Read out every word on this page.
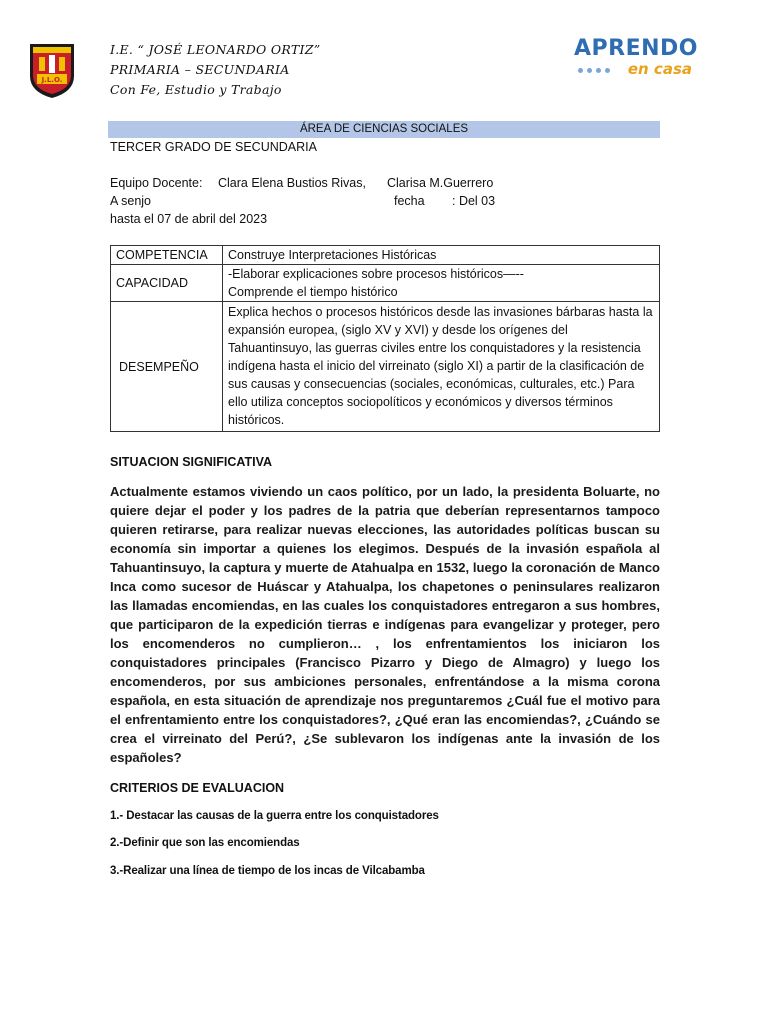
J.L.O.
I.E. “ JOSÉ LEONARDO ORTIZ”
PRIMARIA – SECUNDARIA
Con Fe, Estudio y Trabajo
APRENDO
en casa
ÁREA DE CIENCIAS SOCIALES
TERCER GRADO DE SECUNDARIA
Equipo Docente: Clara Elena Bustios Rivas, Clarisa M.Guerrero
A senjo	fecha : Del 03
hasta el 07 de abril del 2023
COMPETENCIA	Construye Interpretaciones Históricas
CAPACIDAD	-Elaborar explicaciones sobre procesos históricos—--
Comprende el tiempo histórico

DESEMPEÑO	Explica hechos o procesos históricos desde las invasiones bárbaras hasta la expansión europea, (siglo XV y XVI) y desde los orígenes del Tahuantinsuyo, las guerras civiles entre los conquistadores y la resistencia indígena hasta el inicio del virreinato (siglo XI) a partir de la clasificación de sus causas y consecuencias (sociales, económicas, culturales, etc.) Para ello utiliza conceptos sociopolíticos y económicos y diversos términos históricos.
SITUACION SIGNIFICATIVA
Actualmente estamos viviendo un caos político, por un lado, la presidenta Boluarte, no quiere dejar el poder y los padres de la patria que deberían representarnos tampoco quieren retirarse, para realizar nuevas elecciones, las autoridades políticas buscan su economía sin importar a quienes los elegimos. Después de la invasión española al Tahuantinsuyo, la captura y muerte de Atahualpa en 1532, luego la coronación de Manco Inca como sucesor de Huáscar y Atahualpa, los chapetones o peninsulares realizaron las llamadas encomiendas, en las cuales los conquistadores entregaron a sus hombres, que participaron de la expedición tierras e indígenas para evangelizar y proteger, pero los encomenderos no cumplieron… , los enfrentamientos los iniciaron los conquistadores principales (Francisco Pizarro y Diego de Almagro) y luego los encomenderos, por sus ambiciones personales, enfrentándose a la misma corona española, en esta situación de aprendizaje nos preguntaremos ¿Cuál fue el motivo para el enfrentamiento entre los conquistadores?, ¿Qué eran las encomiendas?, ¿Cuándo se crea el virreinato del Perú?, ¿Se sublevaron los indígenas ante la invasión de los españoles?
CRITERIOS DE EVALUACION
1.- Destacar las causas de la guerra entre los conquistadores
2.-Definir que son las encomiendas
3.-Realizar una línea de tiempo de los incas de Vilcabamba
